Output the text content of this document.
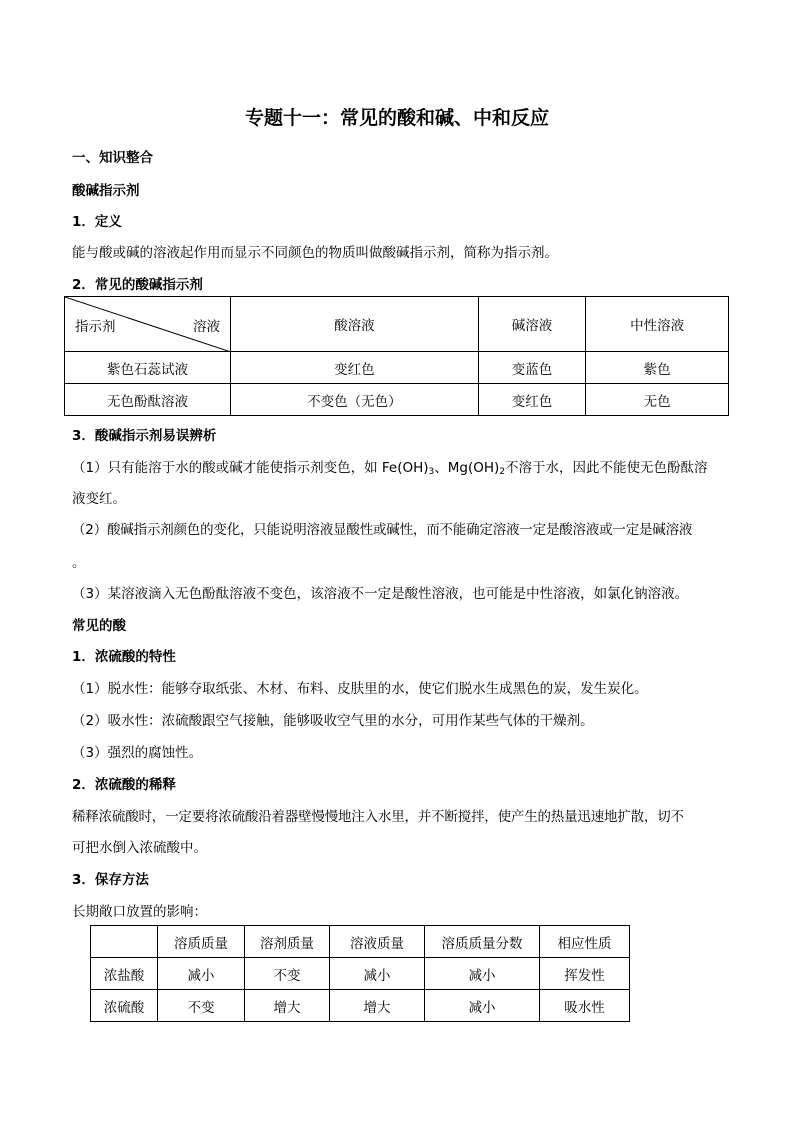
专题十一：常见的酸和碱、中和反应
一、知识整合
酸碱指示剂
1．定义
能与酸或碱的溶液起作用而显示不同颜色的物质叫做酸碱指示剂，简称为指示剂。
2．常见的酸碱指示剂
指示剂 溶液	酸溶液	碱溶液	中性溶液
紫色石蕊试液	变红色	变蓝色	紫色
无色酚酞溶液	不变色（无色）	变红色	无色
3．酸碱指示剂易误辨析
（1）只有能溶于水的酸或碱才能使指示剂变色，如 $Fe(OH)_3$、$Mg(OH)_2$不溶于水，因此不能使无色酚酞溶
液变红。
（2）酸碱指示剂颜色的变化，只能说明溶液显酸性或碱性，而不能确定溶液一定是酸溶液或一定是碱溶液
。
（3）某溶液滴入无色酚酞溶液不变色，该溶液不一定是酸性溶液，也可能是中性溶液，如氯化钠溶液。
常见的酸
1．浓硫酸的特性
（1）脱水性：能够夺取纸张、木材、布料、皮肤里的水，使它们脱水生成黑色的炭，发生炭化。
（2）吸水性：浓硫酸跟空气接触，能够吸收空气里的水分，可用作某些气体的干燥剂。
（3）强烈的腐蚀性。
2．浓硫酸的稀释
稀释浓硫酸时，一定要将浓硫酸沿着器壁慢慢地注入水里，并不断搅拌，使产生的热量迅速地扩散，切不
可把水倒入浓硫酸中。
3．保存方法
长期敞口放置的影响：
	溶质质量	溶剂质量	溶液质量	溶质质量分数	相应性质
浓盐酸	减小	不变	减小	减小	挥发性
浓硫酸	不变	增大	增大	减小	吸水性
